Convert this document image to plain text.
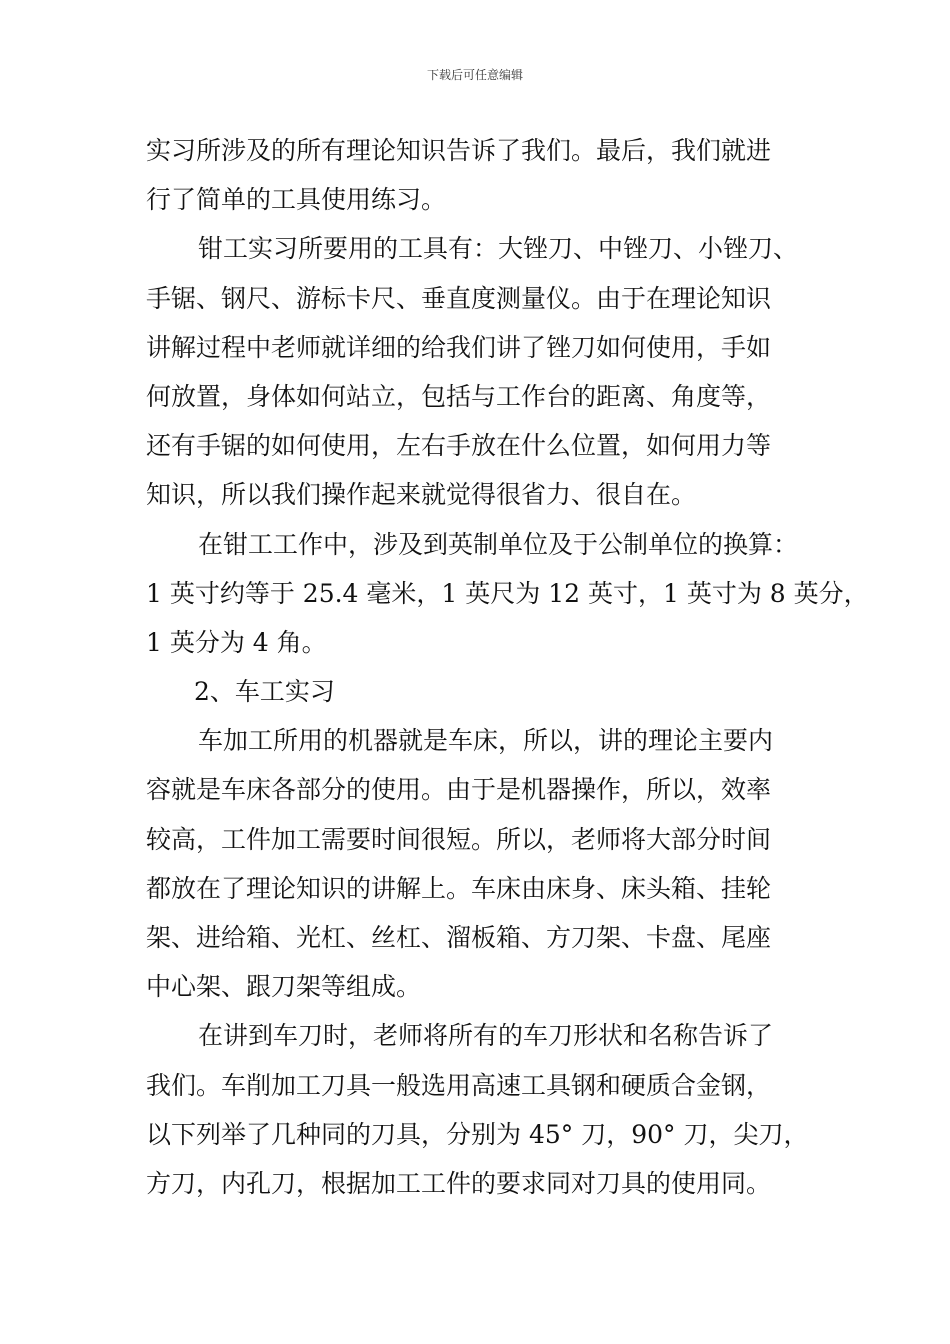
下载后可任意编辑
实习所涉及的所有理论知识告诉了我们。最后，我们就进
行了简单的工具使用练习。
钳工实习所要用的工具有：大锉刀、中锉刀、小锉刀、
手锯、钢尺、游标卡尺、垂直度测量仪。由于在理论知识
讲解过程中老师就详细的给我们讲了锉刀如何使用，手如
何放置，身体如何站立，包括与工作台的距离、角度等，
还有手锯的如何使用，左右手放在什么位置，如何用力等
知识，所以我们操作起来就觉得很省力、很自在。
在钳工工作中，涉及到英制单位及于公制单位的换算：
1 英寸约等于 25.4 毫米，1 英尺为 12 英寸，1 英寸为 8 英分，
1 英分为 4 角。
2、车工实习
车加工所用的机器就是车床，所以，讲的理论主要内
容就是车床各部分的使用。由于是机器操作，所以，效率
较高，工件加工需要时间很短。所以，老师将大部分时间
都放在了理论知识的讲解上。车床由床身、床头箱、挂轮
架、进给箱、光杠、丝杠、溜板箱、方刀架、卡盘、尾座
中心架、跟刀架等组成。
在讲到车刀时，老师将所有的车刀形状和名称告诉了
我们。车削加工刀具一般选用高速工具钢和硬质合金钢，
以下列举了几种同的刀具，分别为 45° 刀，90° 刀，尖刀，
方刀，内孔刀，根据加工工件的要求同对刀具的使用同。
